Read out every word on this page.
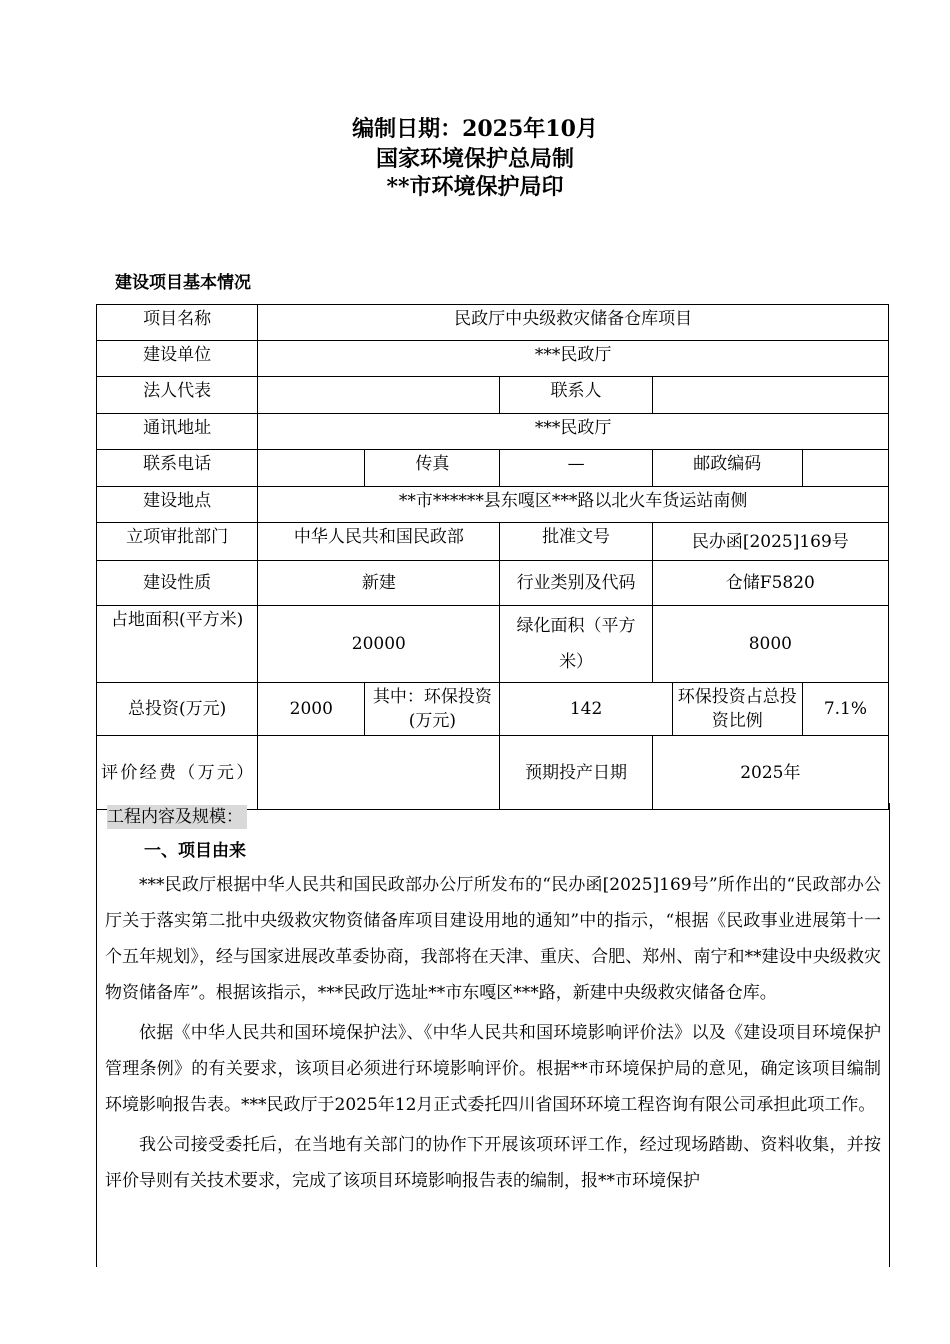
编制日期：2025年10月
国家环境保护总局制
**市环境保护局印
建设项目基本情况
项目名称	民政厅中央级救灾储备仓库项目					
建设单位	***民政厅					
法人代表			联系人			
通讯地址	***民政厅					
联系电话		传真	—	邮政编码		
建设地点	**市******县东嘎区***路以北火车货运站南侧					
立项审批部门	中华人民共和国民政部		批准文号	民办函[2025]169号		
建设性质	新建		行业类别及代码	仓储F5820		
占地面积(平方米)	20000		绿化面积（平方米）	8000		
总投资(万元)	2000	其中：环保投资(万元)	142		环保投资占总投资比例	7.1%
评价经费（万元）			预期投产日期	2025年		
工程内容及规模：
一、项目由来

***民政厅根据中华人民共和国民政部办公厅所发布的“民办函[2025]169号”所作出的“民政部办公厅关于落实第二批中央级救灾物资储备库项目建设用地的通知”中的指示，“根据《民政事业进展第十一个五年规划》，经与国家进展改革委协商，我部将在天津、重庆、合肥、郑州、南宁和**建设中央级救灾物资储备库”。根据该指示，***民政厅选址**市东嘎区***路，新建中央级救灾储备仓库。

依据《中华人民共和国环境保护法》、《中华人民共和国环境影响评价法》以及《建设项目环境保护管理条例》的有关要求，该项目必须进行环境影响评价。根据**市环境保护局的意见，确定该项目编制环境影响报告表。***民政厅于2025年12月正式委托四川省国环环境工程咨询有限公司承担此项工作。

我公司接受委托后，在当地有关部门的协作下开展该项环评工作，经过现场踏勘、资料收集，并按评价导则有关技术要求，完成了该项目环境影响报告表的编制，报**市环境保护
